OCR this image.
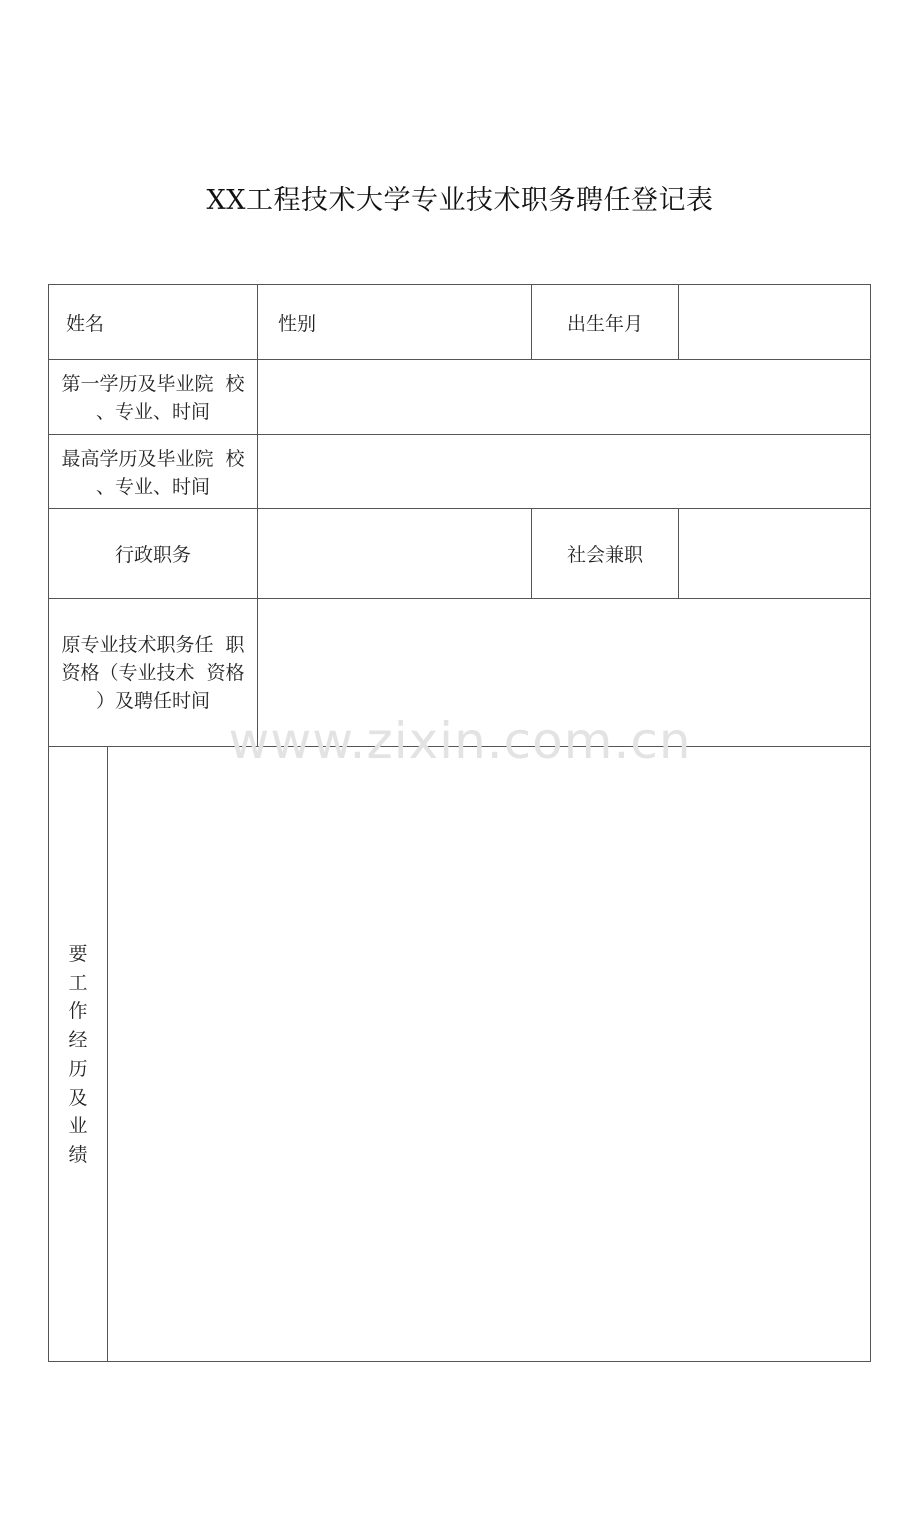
XX工程技术大学专业技术职务聘任登记表
姓名	性别	出生年月
第一学历及毕业院  校
、专业、时间
最高学历及毕业院  校
、专业、时间
行政职务	社会兼职
原专业技术职务任  职
资格（专业技术  资格
）及聘任时间
要
工
作
经
历
及
业
绩
www.zixin.com.cn
